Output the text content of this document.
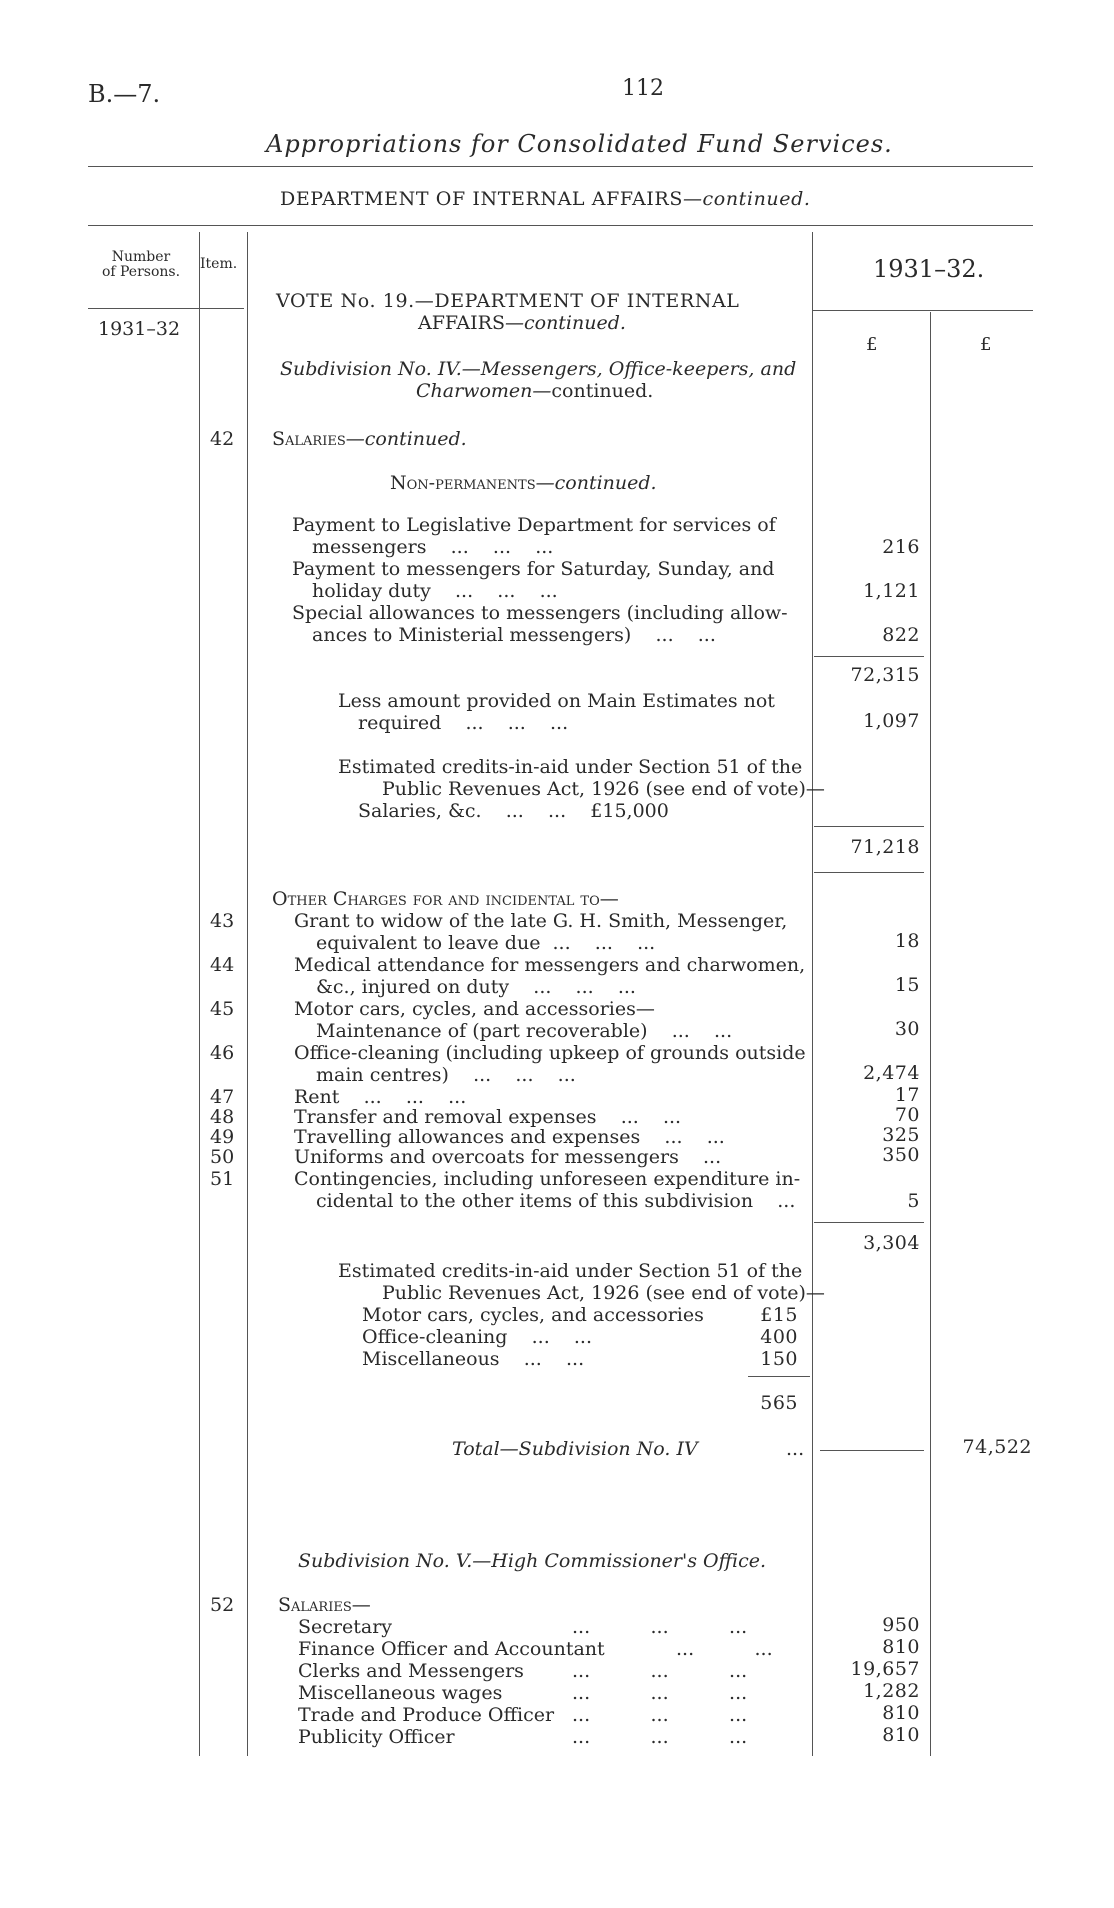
B.—7.	112
Appropriations for Consolidated Fund Services.
DEPARTMENT OF INTERNAL AFFAIRS—continued.
Number
of Persons.	Item.	1931–32.
1931–32
£	£
VOTE No. 19.—DEPARTMENT OF INTERNAL
AFFAIRS—continued.
Subdivision No. IV.—Messengers, Office-keepers, and
Charwomen—continued.
42 Salaries—continued.
Non-permanents—continued.
Payment to Legislative Department for services of
messengers    ...    ...    ...	216
Payment to messengers for Saturday, Sunday, and
holiday duty    ...    ...    ...	1,121
Special allowances to messengers (including allow-
ances to Ministerial messengers)    ...    ...	822
72,315
Less amount provided on Main Estimates not
required    ...    ...    ...	1,097
Estimated credits-in-aid under Section 51 of the
Public Revenues Act, 1926 (see end of vote)—
Salaries, &c.    ...    ...    £15,000
71,218
Other Charges for and incidental to—
43	Grant to widow of the late G. H. Smith, Messenger,
equivalent to leave due  ...    ...    ...	18
44	Medical attendance for messengers and charwomen,
&c., injured on duty    ...    ...    ...	15
45	Motor cars, cycles, and accessories—
Maintenance of (part recoverable)    ...    ...	30
46	Office-cleaning (including upkeep of grounds outside
main centres)    ...    ...    ...	2,474
47	Rent    ...    ...    ...	17
48	Transfer and removal expenses    ...    ...	70
49	Travelling allowances and expenses    ...    ...	325
50	Uniforms and overcoats for messengers    ...	350
51	Contingencies, including unforeseen expenditure in-
cidental to the other items of this subdivision    ...	5
3,304
Estimated credits-in-aid under Section 51 of the
Public Revenues Act, 1926 (see end of vote)—
Motor cars, cycles, and accessories	£15
Office-cleaning    ...    ...	400
Miscellaneous    ...    ...	150
565
Total—Subdivision No. IV	...	74,522
Subdivision No. V.—High Commissioner's Office.
52 Salaries—
Secretary	...          ...          ...	950
Finance Officer and Accountant	...          ...	810
Clerks and Messengers	...          ...          ...	19,657
Miscellaneous wages	...          ...          ...	1,282
Trade and Produce Officer ...          ...          ...	810
Publicity Officer	...          ...          ...	810
